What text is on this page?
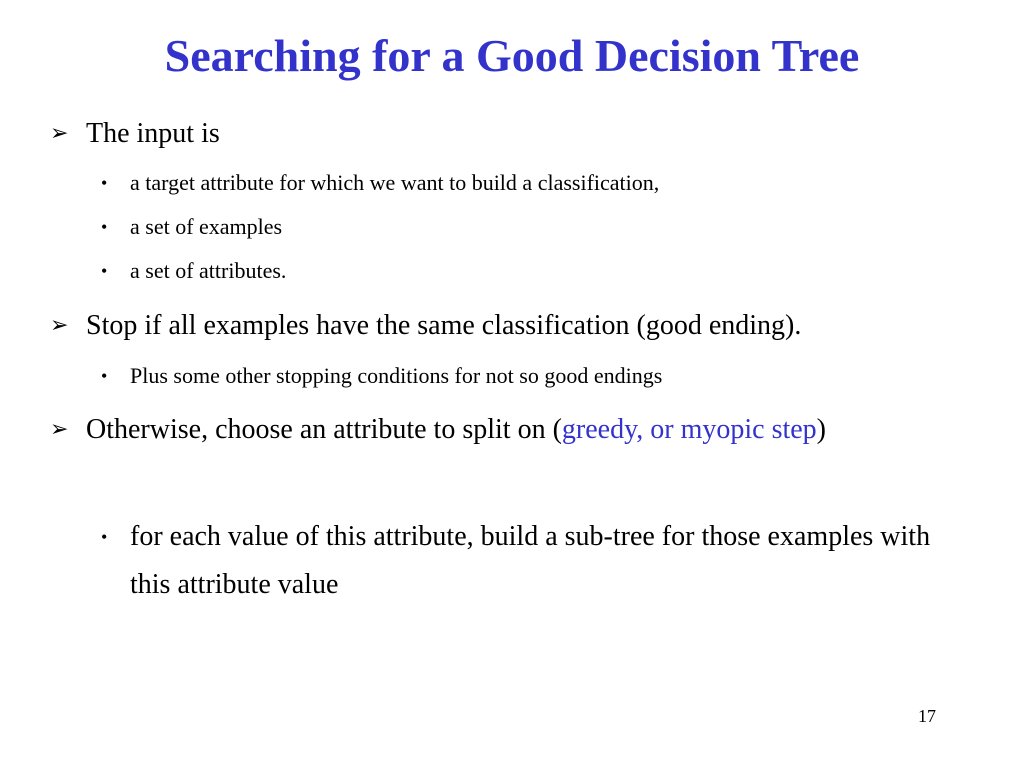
Searching for a Good Decision Tree
➢ The input is
•	a target attribute for which we want to build a classification,
•	a set of examples
•	a set of attributes.
➢ Stop if all examples have the same classification (good ending).
•	Plus some other stopping conditions for not so good endings
➢ Otherwise, choose an attribute to split on (greedy, or myopic step)
• for each value of this attribute, build a sub-tree for those examples with this attribute value
17
